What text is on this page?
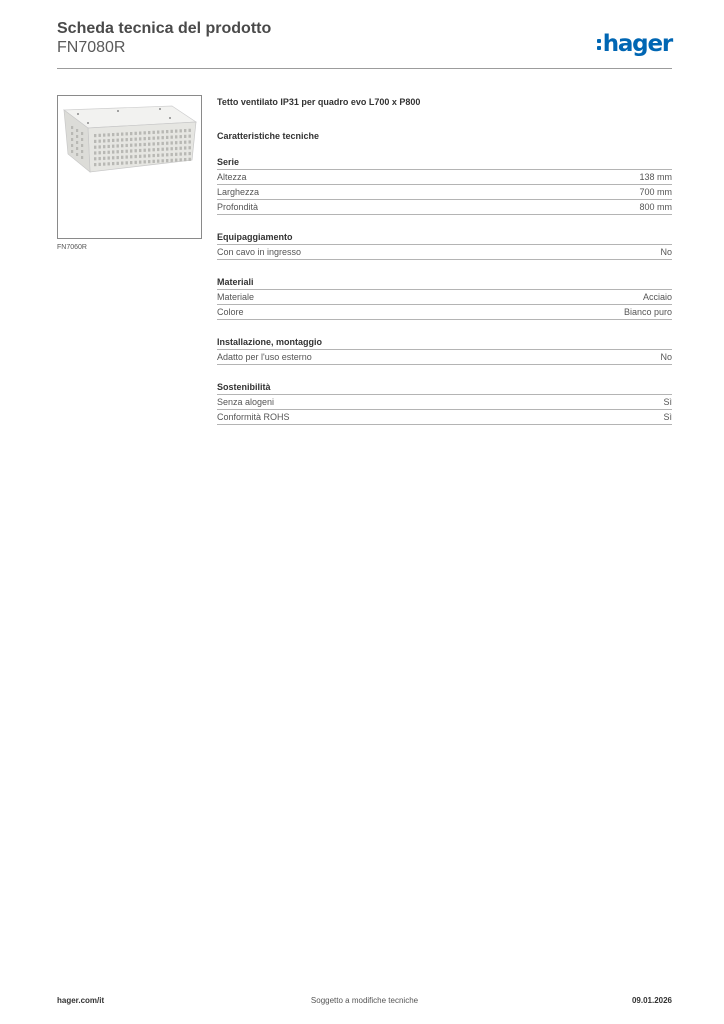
Scheda tecnica del prodotto
FN7080R	hager
FN7060R

Tetto ventilato IP31 per quadro evo L700 x P800

Caratteristiche tecniche

Serie
Altezza	138 mm
Larghezza	700 mm
Profondità	800 mm
Equipaggiamento
Con cavo in ingresso	No
Materiali
Materiale	Acciaio
Colore	Bianco puro
Installazione, montaggio
Adatto per l'uso esterno	No
Sostenibilità
Senza alogeni	Sì
Conformità ROHS	Sì
hager.com/it	Soggetto a modifiche tecniche	09.01.2026
